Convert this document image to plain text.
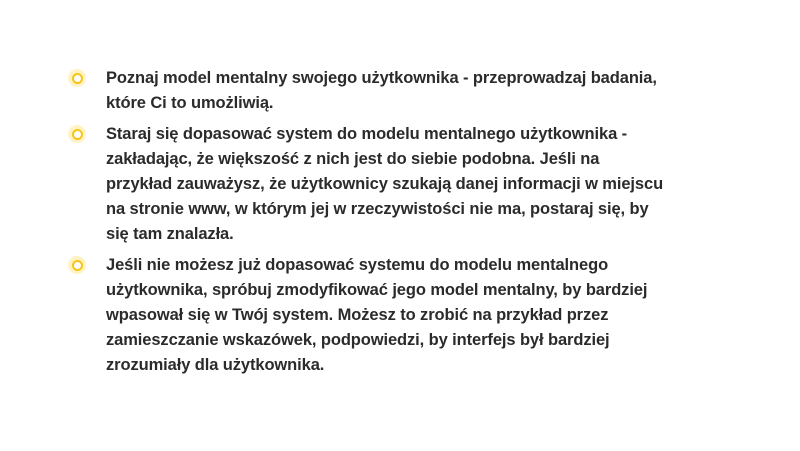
Poznaj model mentalny swojego użytkownika - przeprowadzaj badania, które Ci to umożliwią.
Staraj się dopasować system do modelu mentalnego użytkownika - zakładając, że większość z nich jest do siebie podobna. Jeśli na przykład zauważysz, że użytkownicy szukają danej informacji w miejscu na stronie www, w którym jej w rzeczywistości nie ma, postaraj się, by się tam znalazła.
Jeśli nie możesz już dopasować systemu do modelu mentalnego użytkownika, spróbuj zmodyfikować jego model mentalny, by bardziej wpasował się w Twój system. Możesz to zrobić na przykład przez zamieszczanie wskazówek, podpowiedzi, by interfejs był bardziej zrozumiały dla użytkownika.
